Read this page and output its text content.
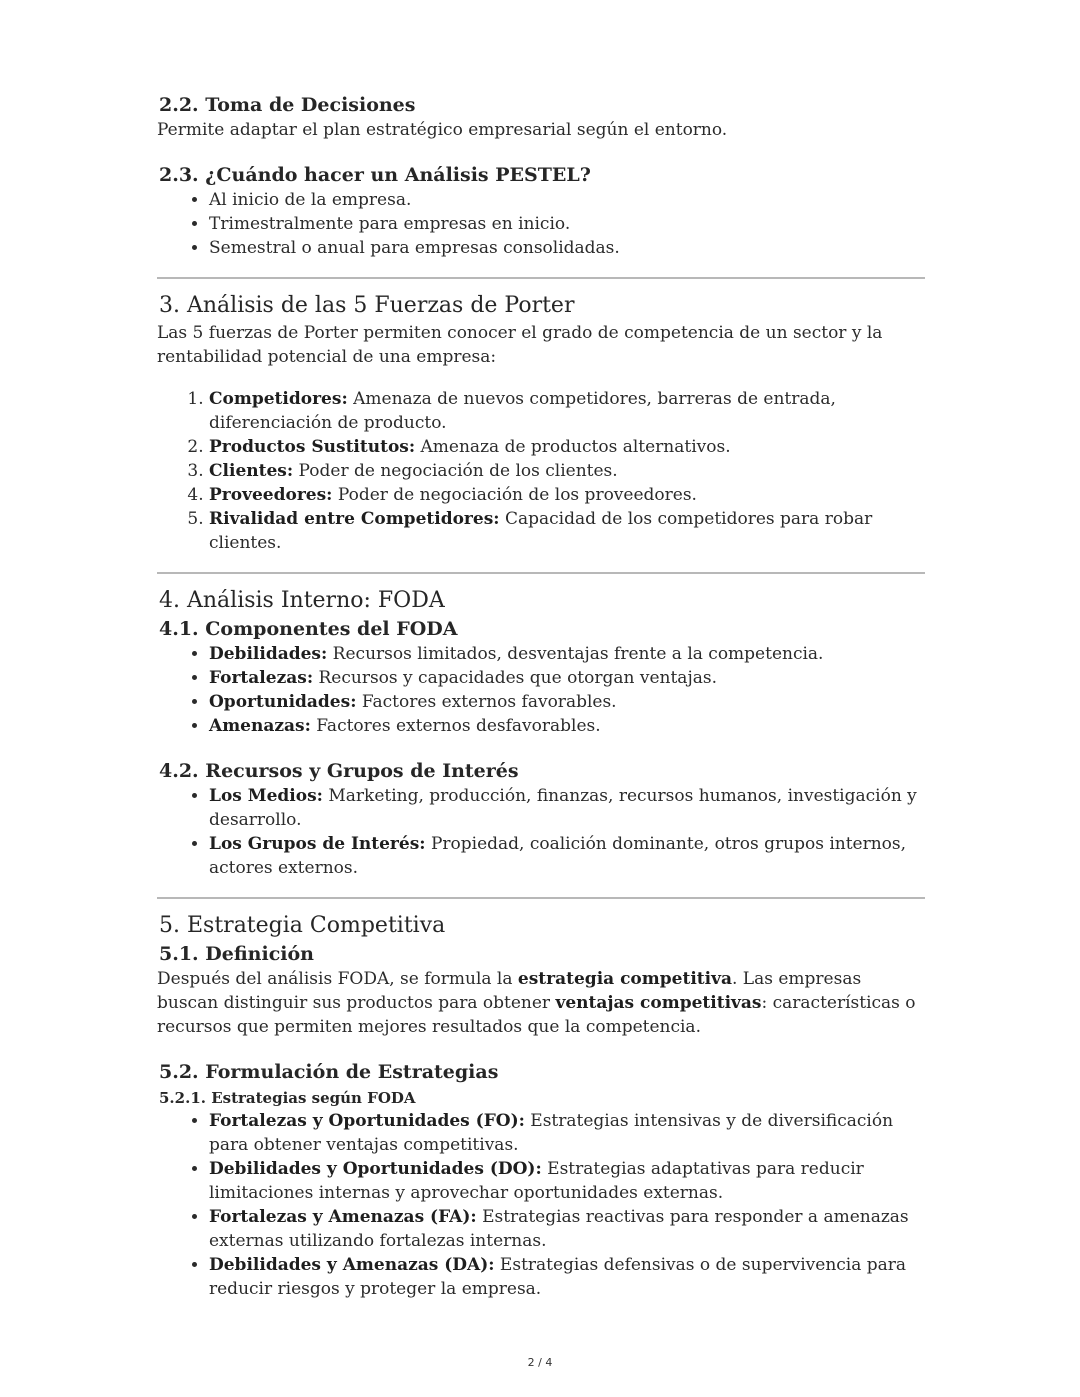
2.2. Toma de Decisiones

Permite adaptar el plan estratégico empresarial según el entorno.

2.3. ¿Cuándo hacer un Análisis PESTEL?
• Al inicio de la empresa.
• Trimestralmente para empresas en inicio.
• Semestral o anual para empresas consolidadas.
3. Análisis de las 5 Fuerzas de Porter

Las 5 fuerzas de Porter permiten conocer el grado de competencia de un sector y la rentabilidad potencial de una empresa:

1. Competidores: Amenaza de nuevos competidores, barreras de entrada, diferenciación de producto.
2. Productos Sustitutos: Amenaza de productos alternativos.
3. Clientes: Poder de negociación de los clientes.
4. Proveedores: Poder de negociación de los proveedores.
5. Rivalidad entre Competidores: Capacidad de los competidores para robar clientes.
4. Análisis Interno: FODA
4.1. Componentes del FODA
• Debilidades: Recursos limitados, desventajas frente a la competencia.
• Fortalezas: Recursos y capacidades que otorgan ventajas.
• Oportunidades: Factores externos favorables.
• Amenazas: Factores externos desfavorables.
4.2. Recursos y Grupos de Interés
• Los Medios: Marketing, producción, finanzas, recursos humanos, investigación y desarrollo.
• Los Grupos de Interés: Propiedad, coalición dominante, otros grupos internos, actores externos.
5. Estrategia Competitiva
5.1. Definición

Después del análisis FODA, se formula la estrategia competitiva. Las empresas buscan distinguir sus productos para obtener ventajas competitivas: características o recursos que permiten mejores resultados que la competencia.

5.2. Formulación de Estrategias
5.2.1. Estrategias según FODA
• Fortalezas y Oportunidades (FO): Estrategias intensivas y de diversificación para obtener ventajas competitivas.
• Debilidades y Oportunidades (DO): Estrategias adaptativas para reducir limitaciones internas y aprovechar oportunidades externas.
• Fortalezas y Amenazas (FA): Estrategias reactivas para responder a amenazas externas utilizando fortalezas internas.
• Debilidades y Amenazas (DA): Estrategias defensivas o de supervivencia para reducir riesgos y proteger la empresa.
2 / 4
